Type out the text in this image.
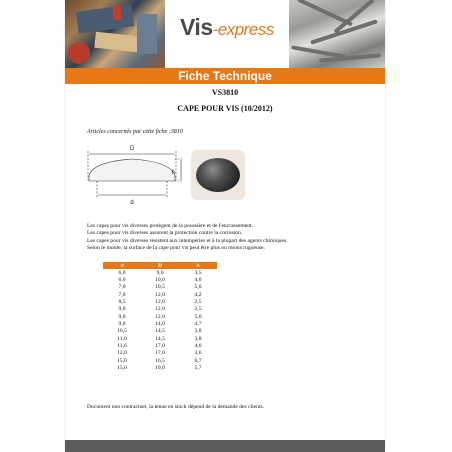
Vis-express
Fiche Technique
VS3810
CAPE POUR VIS (10/2012)
Articles concernés par cette fiche :3810
D
d
h
Les capes pour vis diverses protègent de la poussière et de l'encrassement.
Les capes pour vis diverses assurent la protection contre la corrosion.
Les capes pour vis diverses résistent aux intempéries et à la plupart des agents chimiques.
Selon le moule, la surface de la cape pour vis peut être plus ou moins rugueuse.
d	D	h
6,0	9,0	3,5
6,0	10,0	4,0
7,0	10,5	5,0
7,0	12,0	4,2
8,5	12,0	2,5
9,0	12,0	2,5
9,0	12,0	5,0
9,0	14,0	4,7
10,5	14,5	3,8
11,0	14,5	3,8
11,6	17,0	4,0
12,0	17,0	3,6
15,0	16,5	6,7
15,0	19,0	5,7
Document non contractuel, la tenue en stock dépend de la demande des clients.
